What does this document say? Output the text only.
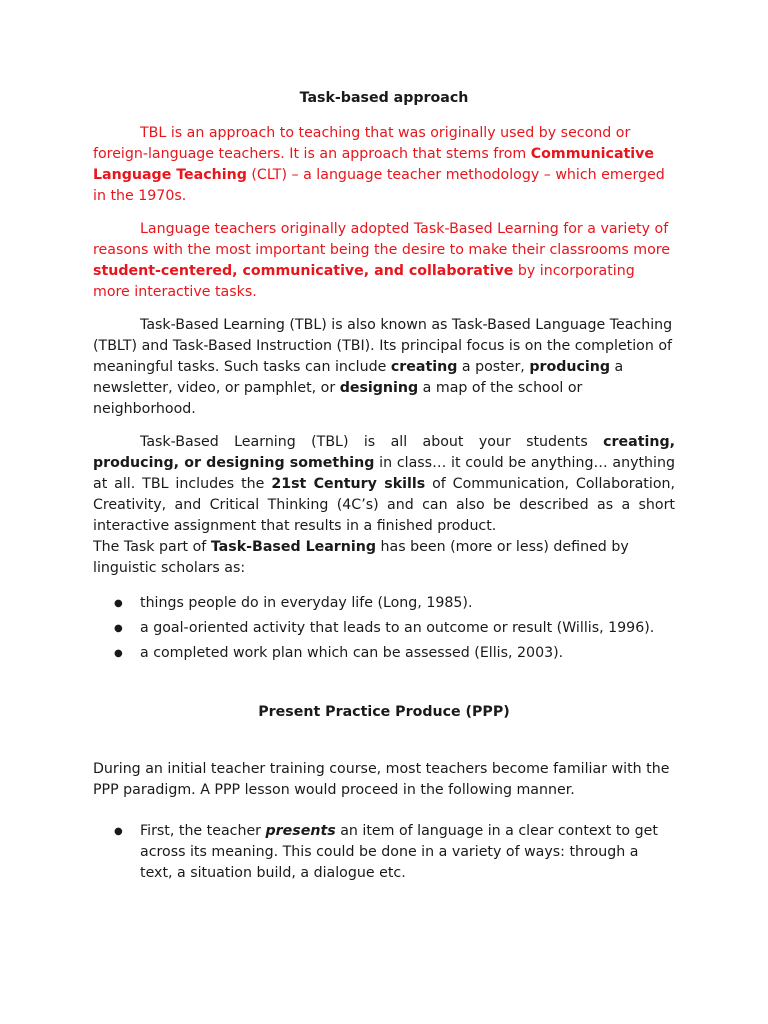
Task-based approach

TBL is an approach to teaching that was originally used by second or foreign-language teachers. It is an approach that stems from Communicative Language Teaching (CLT) – a language teacher methodology – which emerged in the 1970s.

Language teachers originally adopted Task-Based Learning for a variety of reasons with the most important being the desire to make their classrooms more student-centered, communicative, and collaborative by incorporating more interactive tasks.

Task-Based Learning (TBL) is also known as Task-Based Language Teaching (TBLT) and Task-Based Instruction (TBI). Its principal focus is on the completion of meaningful tasks. Such tasks can include creating a poster, producing a newsletter, video, or pamphlet, or designing a map of the school or neighborhood.

Task-Based Learning (TBL) is all about your students creating, producing, or designing something in class… it could be anything… anything at all. TBL includes the 21st Century skills of Communication, Collaboration, Creativity, and Critical Thinking (4C’s) and can also be described as a short interactive assignment that results in a finished product.

The Task part of Task-Based Learning has been (more or less) defined by linguistic scholars as:

● things people do in everyday life (Long, 1985).
● a goal-oriented activity that leads to an outcome or result (Willis, 1996).
● a completed work plan which can be assessed (Ellis, 2003).
Present Practice Produce (PPP)

During an initial teacher training course, most teachers become familiar with the PPP paradigm. A PPP lesson would proceed in the following manner.

● First, the teacher presents an item of language in a clear context to get across its meaning. This could be done in a variety of ways: through a text, a situation build, a dialogue etc.
